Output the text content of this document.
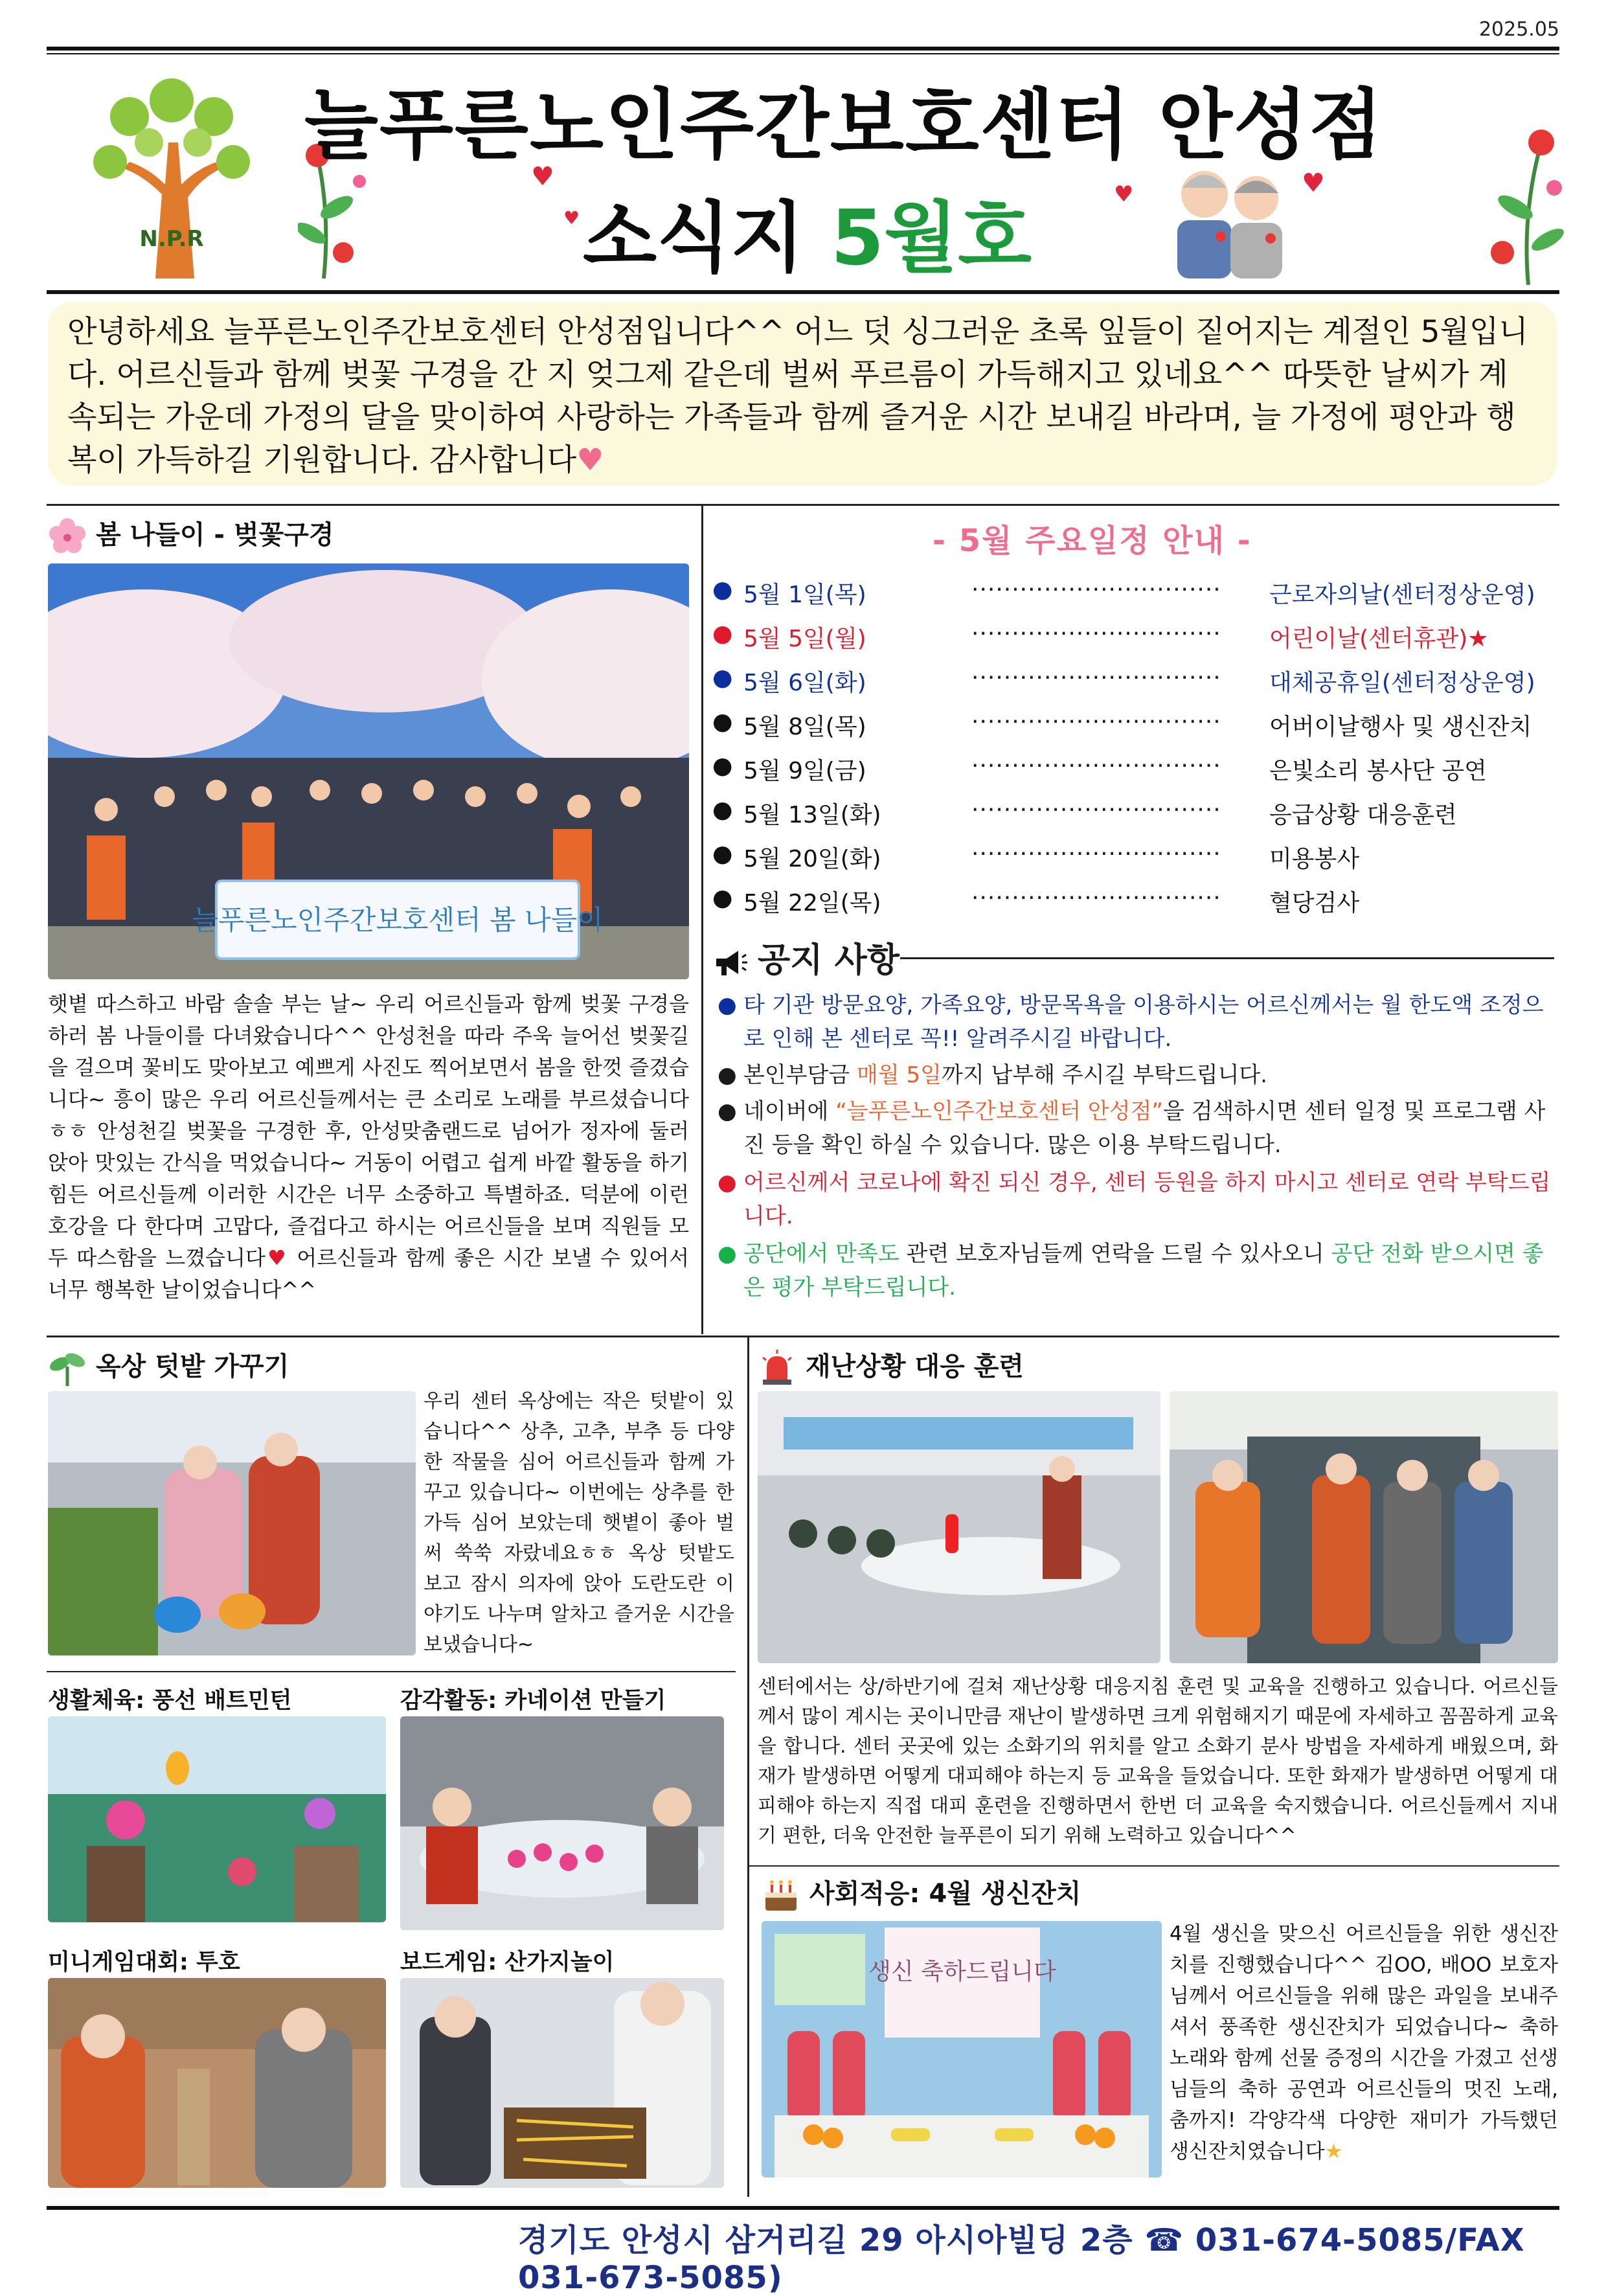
2025.05
N.P.R
늘푸른노인주간보호센터 안성점
소식지 5월호
♥
♥
♥	♥
안녕하세요 늘푸른노인주간보호센터 안성점입니다^^ 어느 덧 싱그러운 초록 잎들이 짙어지는 계절인 5월입니다. 어르신들과 함께 벚꽃 구경을 간 지 엊그제 같은데 벌써 푸르름이 가득해지고 있네요^^ 따뜻한 날씨가 계속되는 가운데 가정의 달을 맞이하여 사랑하는 가족들과 함께 즐거운 시간 보내길 바라며, 늘 가정에 평안과 행복이 가득하길 기원합니다. 감사합니다♥
봄 나들이 - 벚꽃구경
늘푸른노인주간보호센터 봄 나들이
햇볕 따스하고 바람 솔솔 부는 날~ 우리 어르신들과 함께 벚꽃 구경을 하러 봄 나들이를 다녀왔습니다^^ 안성천을 따라 주욱 늘어선 벚꽃길을 걸으며 꽃비도 맞아보고 예쁘게 사진도 찍어보면서 봄을 한껏 즐겼습니다~ 흥이 많은 우리 어르신들께서는 큰 소리로 노래를 부르셨습니다ㅎㅎ 안성천길 벚꽃을 구경한 후, 안성맞춤랜드로 넘어가 정자에 둘러 앉아 맛있는 간식을 먹었습니다~ 거동이 어렵고 쉽게 바깥 활동을 하기 힘든 어르신들께 이러한 시간은 너무 소중하고 특별하죠. 덕분에 이런 호강을 다 한다며 고맙다, 즐겁다고 하시는 어르신들을 보며 직원들 모두 따스함을 느꼈습니다♥ 어르신들과 함께 좋은 시간 보낼 수 있어서 너무 행복한 날이었습니다^^
- 5월 주요일정 안내 -
● 5월 1일(목)	······························· 근로자의날(센터정상운영)
● 5월 5일(월)	······························· 어린이날(센터휴관)★
● 5월 6일(화)	······························· 대체공휴일(센터정상운영)
● 5월 8일(목)	······························· 어버이날행사 및 생신잔치
● 5월 9일(금)	······························· 은빛소리 봉사단 공연
● 5월 13일(화)	······························· 응급상황 대응훈련
● 5월 20일(화)	······························· 미용봉사
● 5월 22일(목)	······························· 혈당검사
공지 사항
● 타 기관 방문요양, 가족요양, 방문목욕을 이용하시는 어르신께서는 월 한도액 조정으로 인해 본 센터로 꼭!! 알려주시길 바랍니다.
● 본인부담금 매월 5일까지 납부해 주시길 부탁드립니다.
● 네이버에 “늘푸른노인주간보호센터 안성점”을 검색하시면 센터 일정 및 프로그램 사진 등을 확인 하실 수 있습니다. 많은 이용 부탁드립니다.
● 어르신께서 코로나에 확진 되신 경우, 센터 등원을 하지 마시고 센터로 연락 부탁드립니다.
● 공단에서 만족도 관련 보호자님들께 연락을 드릴 수 있사오니 공단 전화 받으시면 좋은 평가 부탁드립니다.
옥상 텃밭 가꾸기
우리 센터 옥상에는 작은 텃밭이 있습니다^^ 상추, 고추, 부추 등 다양한 작물을 심어 어르신들과 함께 가꾸고 있습니다~ 이번에는 상추를 한 가득 심어 보았는데 햇볕이 좋아 벌써 쑥쑥 자랐네요ㅎㅎ 옥상 텃밭도 보고 잠시 의자에 앉아 도란도란 이야기도 나누며 알차고 즐거운 시간을 보냈습니다~
생활체육: 풍선 배트민턴	감각활동: 카네이션 만들기
미니게임대회: 투호	보드게임: 산가지놀이
재난상황 대응 훈련
센터에서는 상/하반기에 걸쳐 재난상황 대응지침 훈련 및 교육을 진행하고 있습니다. 어르신들께서 많이 계시는 곳이니만큼 재난이 발생하면 크게 위험해지기 때문에 자세하고 꼼꼼하게 교육을 합니다. 센터 곳곳에 있는 소화기의 위치를 알고 소화기 분사 방법을 자세하게 배웠으며, 화재가 발생하면 어떻게 대피해야 하는지 등 교육을 들었습니다. 또한 화재가 발생하면 어떻게 대피해야 하는지 직접 대피 훈련을 진행하면서 한번 더 교육을 숙지했습니다. 어르신들께서 지내기 편한, 더욱 안전한 늘푸른이 되기 위해 노력하고 있습니다^^
사회적응: 4월 생신잔치
생신 축하드립니다
4월 생신을 맞으신 어르신들을 위한 생신잔치를 진행했습니다^^ 김OO, 배OO 보호자님께서 어르신들을 위해 많은 과일을 보내주셔서 풍족한 생신잔치가 되었습니다~ 축하 노래와 함께 선물 증정의 시간을 가졌고 선생님들의 축하 공연과 어르신들의 멋진 노래, 춤까지! 각양각색 다양한 재미가 가득했던 생신잔치였습니다★
경기도 안성시 삼거리길 29 아시아빌딩 2층 ☎ 031-674-5085/FAX 031-673-5085)
